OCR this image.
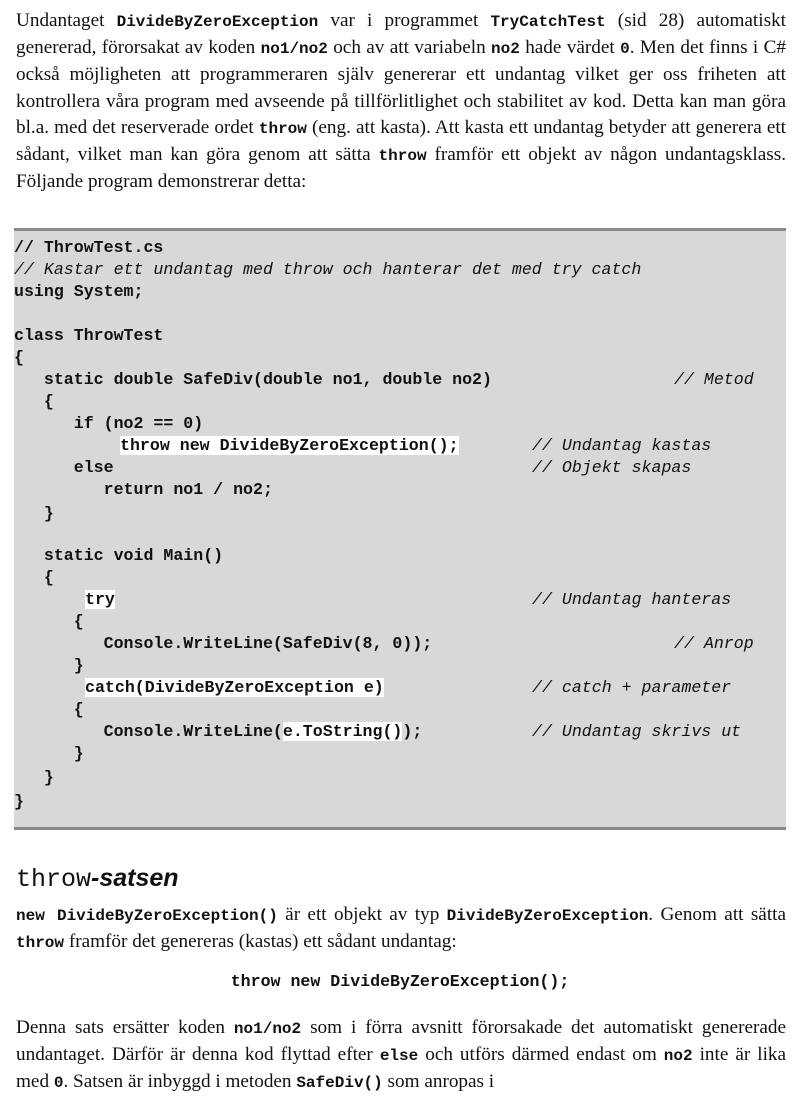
Undantaget DivideByZeroException var i programmet TryCatchTest (sid 28) automatiskt genererad, förorsakat av koden no1/no2 och av att variabeln no2 hade värdet 0. Men det finns i C# också möjligheten att programmeraren själv genererar ett undantag vilket ger oss friheten att kontrollera våra program med avseende på tillförlitlighet och stabilitet av kod. Detta kan man göra bl.a. med det reserverade ordet throw (eng. att kasta). Att kasta ett undantag betyder att generera ett sådant, vilket man kan göra genom att sätta throw framför ett objekt av någon undantagsklass. Följande program demonstrerar detta:

// ThrowTest.cs
// Kastar ett undantag med throw och hanterar det med try catch
using System;
class ThrowTest
{
static double SafeDiv(double no1, double no2)	// Metod
{
if (no2 == 0)
throw new DivideByZeroException();	// Undantag kastas
else	// Objekt skapas
return no1 / no2;
}
static void Main()
{
try	// Undantag hanteras
{
Console.WriteLine(SafeDiv(8, 0));	// Anrop
}
catch(DivideByZeroException e)	// catch + parameter
{
Console.WriteLine(e.ToString());	// Undantag skrivs ut
}
}
}
throw-satsen

new DivideByZeroException() är ett objekt av typ DivideByZeroException. Genom att sätta throw framför det genereras (kastas) ett sådant undantag:

throw new DivideByZeroException();

Denna sats ersätter koden no1/no2 som i förra avsnitt förorsakade det automatiskt genererade undantaget. Därför är denna kod flyttad efter else och utförs därmed endast om no2 inte är lika med 0. Satsen är inbyggd i metoden SafeDiv() som anropas i
